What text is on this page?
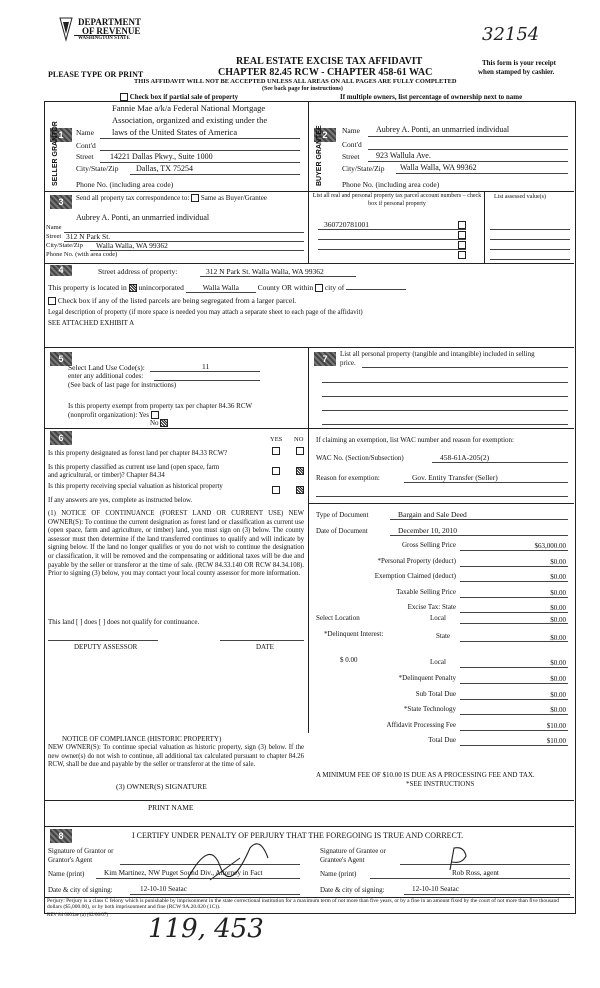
DEPARTMENT
OF REVENUE
WASHINGTON STATE
PLEASE TYPE OR PRINT
REAL ESTATE EXCISE TAX AFFIDAVIT
CHAPTER 82.45 RCW - CHAPTER 458-61 WAC
THIS AFFIDAVIT WILL NOT BE ACCEPTED UNLESS ALL AREAS ON ALL PAGES ARE FULLY COMPLETED
(See back page for instructions)
This form is your receipt
when stamped by cashier.
32154
Check box if partial sale of property	If multiple owners, list percentage of ownership next to name
1
SELLER GRANTOR
Fannie Mae a/k/a Federal National Mortgage
Association, organized and existing under the
Name laws of the United States of America
Cont'd
Street 14221 Dallas Pkwy., Suite 1000
City/State/Zip Dallas, TX 75254
Phone No. (including area code)
2
BUYER GRANTEE	Name Aubrey A. Ponti, an unmarried individual
Cont'd
Street 923 Wallula Ave.
City/State/Zip Walla Walla, WA 99362
Phone No. (including area code)
3	Send all property tax correspondence to: Same as Buyer/Grantee
Aubrey A. Ponti, an unmarried individual
Name
Street 312 N Park St.
City/State/Zip Walla Walla, WA 99362
Phone No. (with area code)
List all real and personal property tax parcel account numbers – check box if personal property
List assessed value(s)
360720781001
4	Street address of property:	312 N Park St. Walla Walla, WA 99362
This property is located in unincorporated Walla Walla County OR within city of
Check box if any of the listed parcels are being segregated from a larger parcel.
Legal description of property (if more space is needed you may attach a separate sheet to each page of the affidavit)
SEE ATTACHED EXHIBIT A
5
Select Land Use Code(s):	11
enter any additional codes:
(See back of last page for instructions)
Is this property exempt from property tax per chapter 84.36 RCW
(nonprofit organization): Yes
No
7	List all personal property (tangible and intangible) included in selling
price.
6	YES NO
Is this property designated as forest land per chapter 84.33 RCW?
Is this property classified as current use land (open space, farm
and agricultural, or timber)? Chapter 84.34
Is this property receiving special valuation as historical property
If any answers are yes, complete as instructed below.
(1) NOTICE OF CONTINUANCE (FOREST LAND OR CURRENT USE) NEW OWNER(S): To continue the current designation as forest land or classification as current use (open space, farm and agriculture, or timber) land, you must sign on (3) below. The county assessor must then determine if the land transferred continues to qualify and will indicate by signing below. If the land no longer qualifies or you do not wish to continue the designation or classification, it will be removed and the compensating or additional taxes will be due and payable by the seller or transferor at the time of sale. (RCW 84.33.140 OR RCW 84.34.108). Prior to signing (3) below, you may contact your local county assessor for more information.
This land [ ] does [ ] does not qualify for continuance.
DEPUTY ASSESSOR	DATE
NOTICE OF COMPLIANCE (HISTORIC PROPERTY)
NEW OWNER(S): To continue special valuation as historic property, sign (3) below. If the new owner(s) do not wish to continue, all additional tax calculated pursuant to chapter 84.26 RCW, shall be due and payable by the seller or transferor at the time of sale.
(3) OWNER(S) SIGNATURE
PRINT NAME
If claiming an exemption, list WAC number and reason for exemption:
WAC No. (Section/Subsection)	458-61A-205(2)
Reason for exemption:	Gov. Entity Transfer (Seller)
Type of Document	Bargain and Sale Deed
Date of Document	December 10, 2010
Gross Selling Price	$63,000.00
*Personal Property (deduct)	$0.00
Exemption Claimed (deduct)	$0.00
Taxable Selling Price	$0.00
Excise Tax: State	$0.00
Select Location	Local	$0.00
*Delinquent Interest:	State	$0.00
$ 0.00	Local	$0.00
*Delinquent Penalty	$0.00
Sub Total Due	$0.00
*State Technology	$0.00
Affidavit Processing Fee	$10.00
Total Due	$10.00
A MINIMUM FEE OF $10.00 IS DUE AS A PROCESSING FEE AND TAX.
*SEE INSTRUCTIONS
8	I CERTIFY UNDER PENALTY OF PERJURY THAT THE FOREGOING IS TRUE AND CORRECT.
Signature of Grantor or
Grantor's Agent
Signature of Grantee or
Grantee's Agent
Name (print)	Kim Martinez, NW Puget Sound Div., Attorney in Fact	Name (print)	Rob Ross, agent
Date & city of signing:	12-10-10 Seatac	Date & city of signing:	12-10-10 Seatac
Perjury: Perjury is a class C felony which is punishable by imprisonment in the state correctional institution for a maximum term of not more than five years, or by a fine in an amount fixed by the court of not more than five thousand dollars ($5,000.00), or by both imprisonment and fine (RCW 9A.20.020 (1C)).
REV 84 0001ae (a) (02/06/07) 119, 453
